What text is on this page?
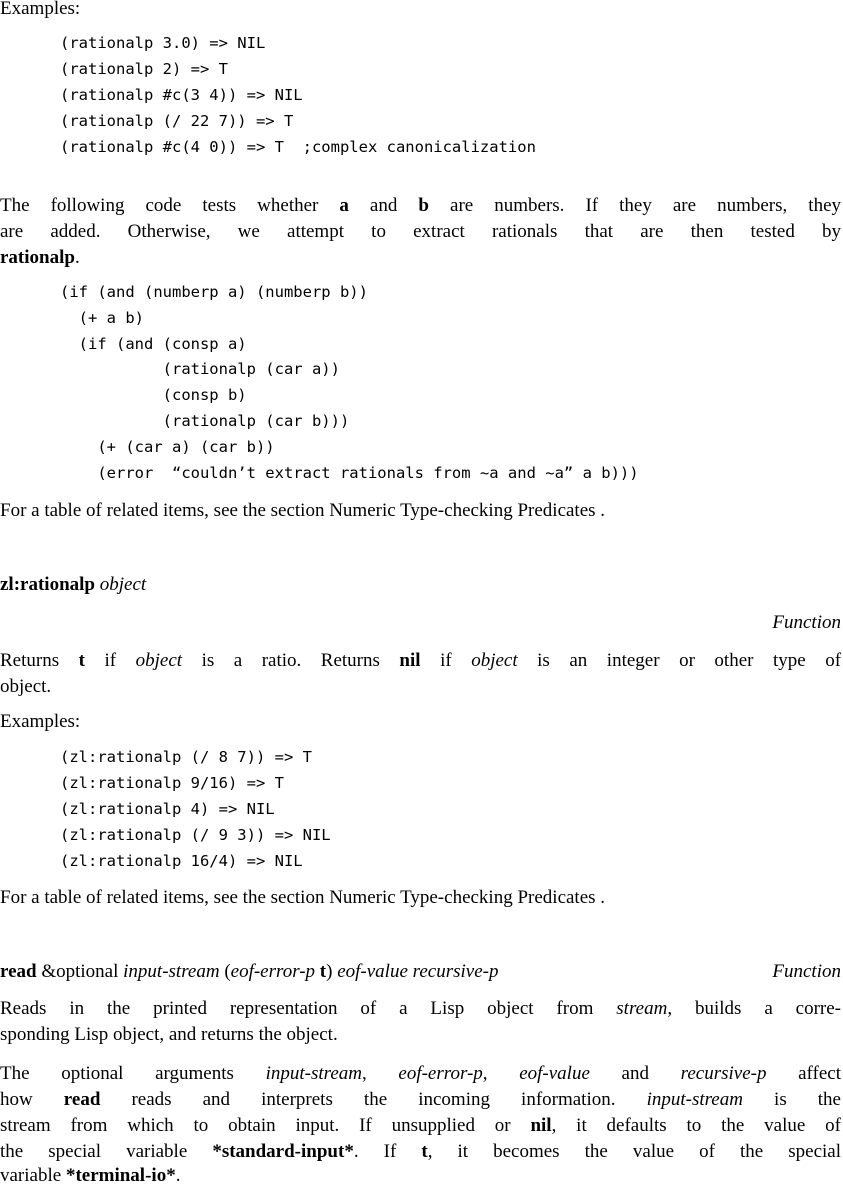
Examples:
(rationalp 3.0) => NIL
(rationalp 2) => T
(rationalp #c(3 4)) => NIL
(rationalp (/ 22 7)) => T
(rationalp #c(4 0)) => T  ;complex canonicalization
The following code tests whether a and b are numbers. If they are numbers, they
are added. Otherwise, we attempt to extract rationals that are then tested by
rationalp.
(if (and (numberp a) (numberp b))
(+ a b)
(if (and (consp a)
(rationalp (car a))
(consp b)
(rationalp (car b)))
(+ (car a) (car b))
(error  “couldn’t extract rationals from ~a and ~a” a b)))
For a table of related items, see the section Numeric Type-checking Predicates .
zl:rationalp object
Function
Returns t if object is a ratio. Returns nil if object is an integer or other type of
object.
Examples:
(zl:rationalp (/ 8 7)) => T
(zl:rationalp 9/16) => T
(zl:rationalp 4) => NIL
(zl:rationalp (/ 9 3)) => NIL
(zl:rationalp 16/4) => NIL
For a table of related items, see the section Numeric Type-checking Predicates .
read &optional input-stream (eof-error-p t) eof-value recursive-p	Function
Reads in the printed representation of a Lisp object from stream, builds a corre-
sponding Lisp object, and returns the object.
The optional arguments input-stream, eof-error-p, eof-value and recursive-p affect
how read reads and interprets the incoming information. input-stream is the
stream from which to obtain input. If unsupplied or nil, it defaults to the value of
the special variable *standard-input*. If t, it becomes the value of the special
variable *terminal-io*.
